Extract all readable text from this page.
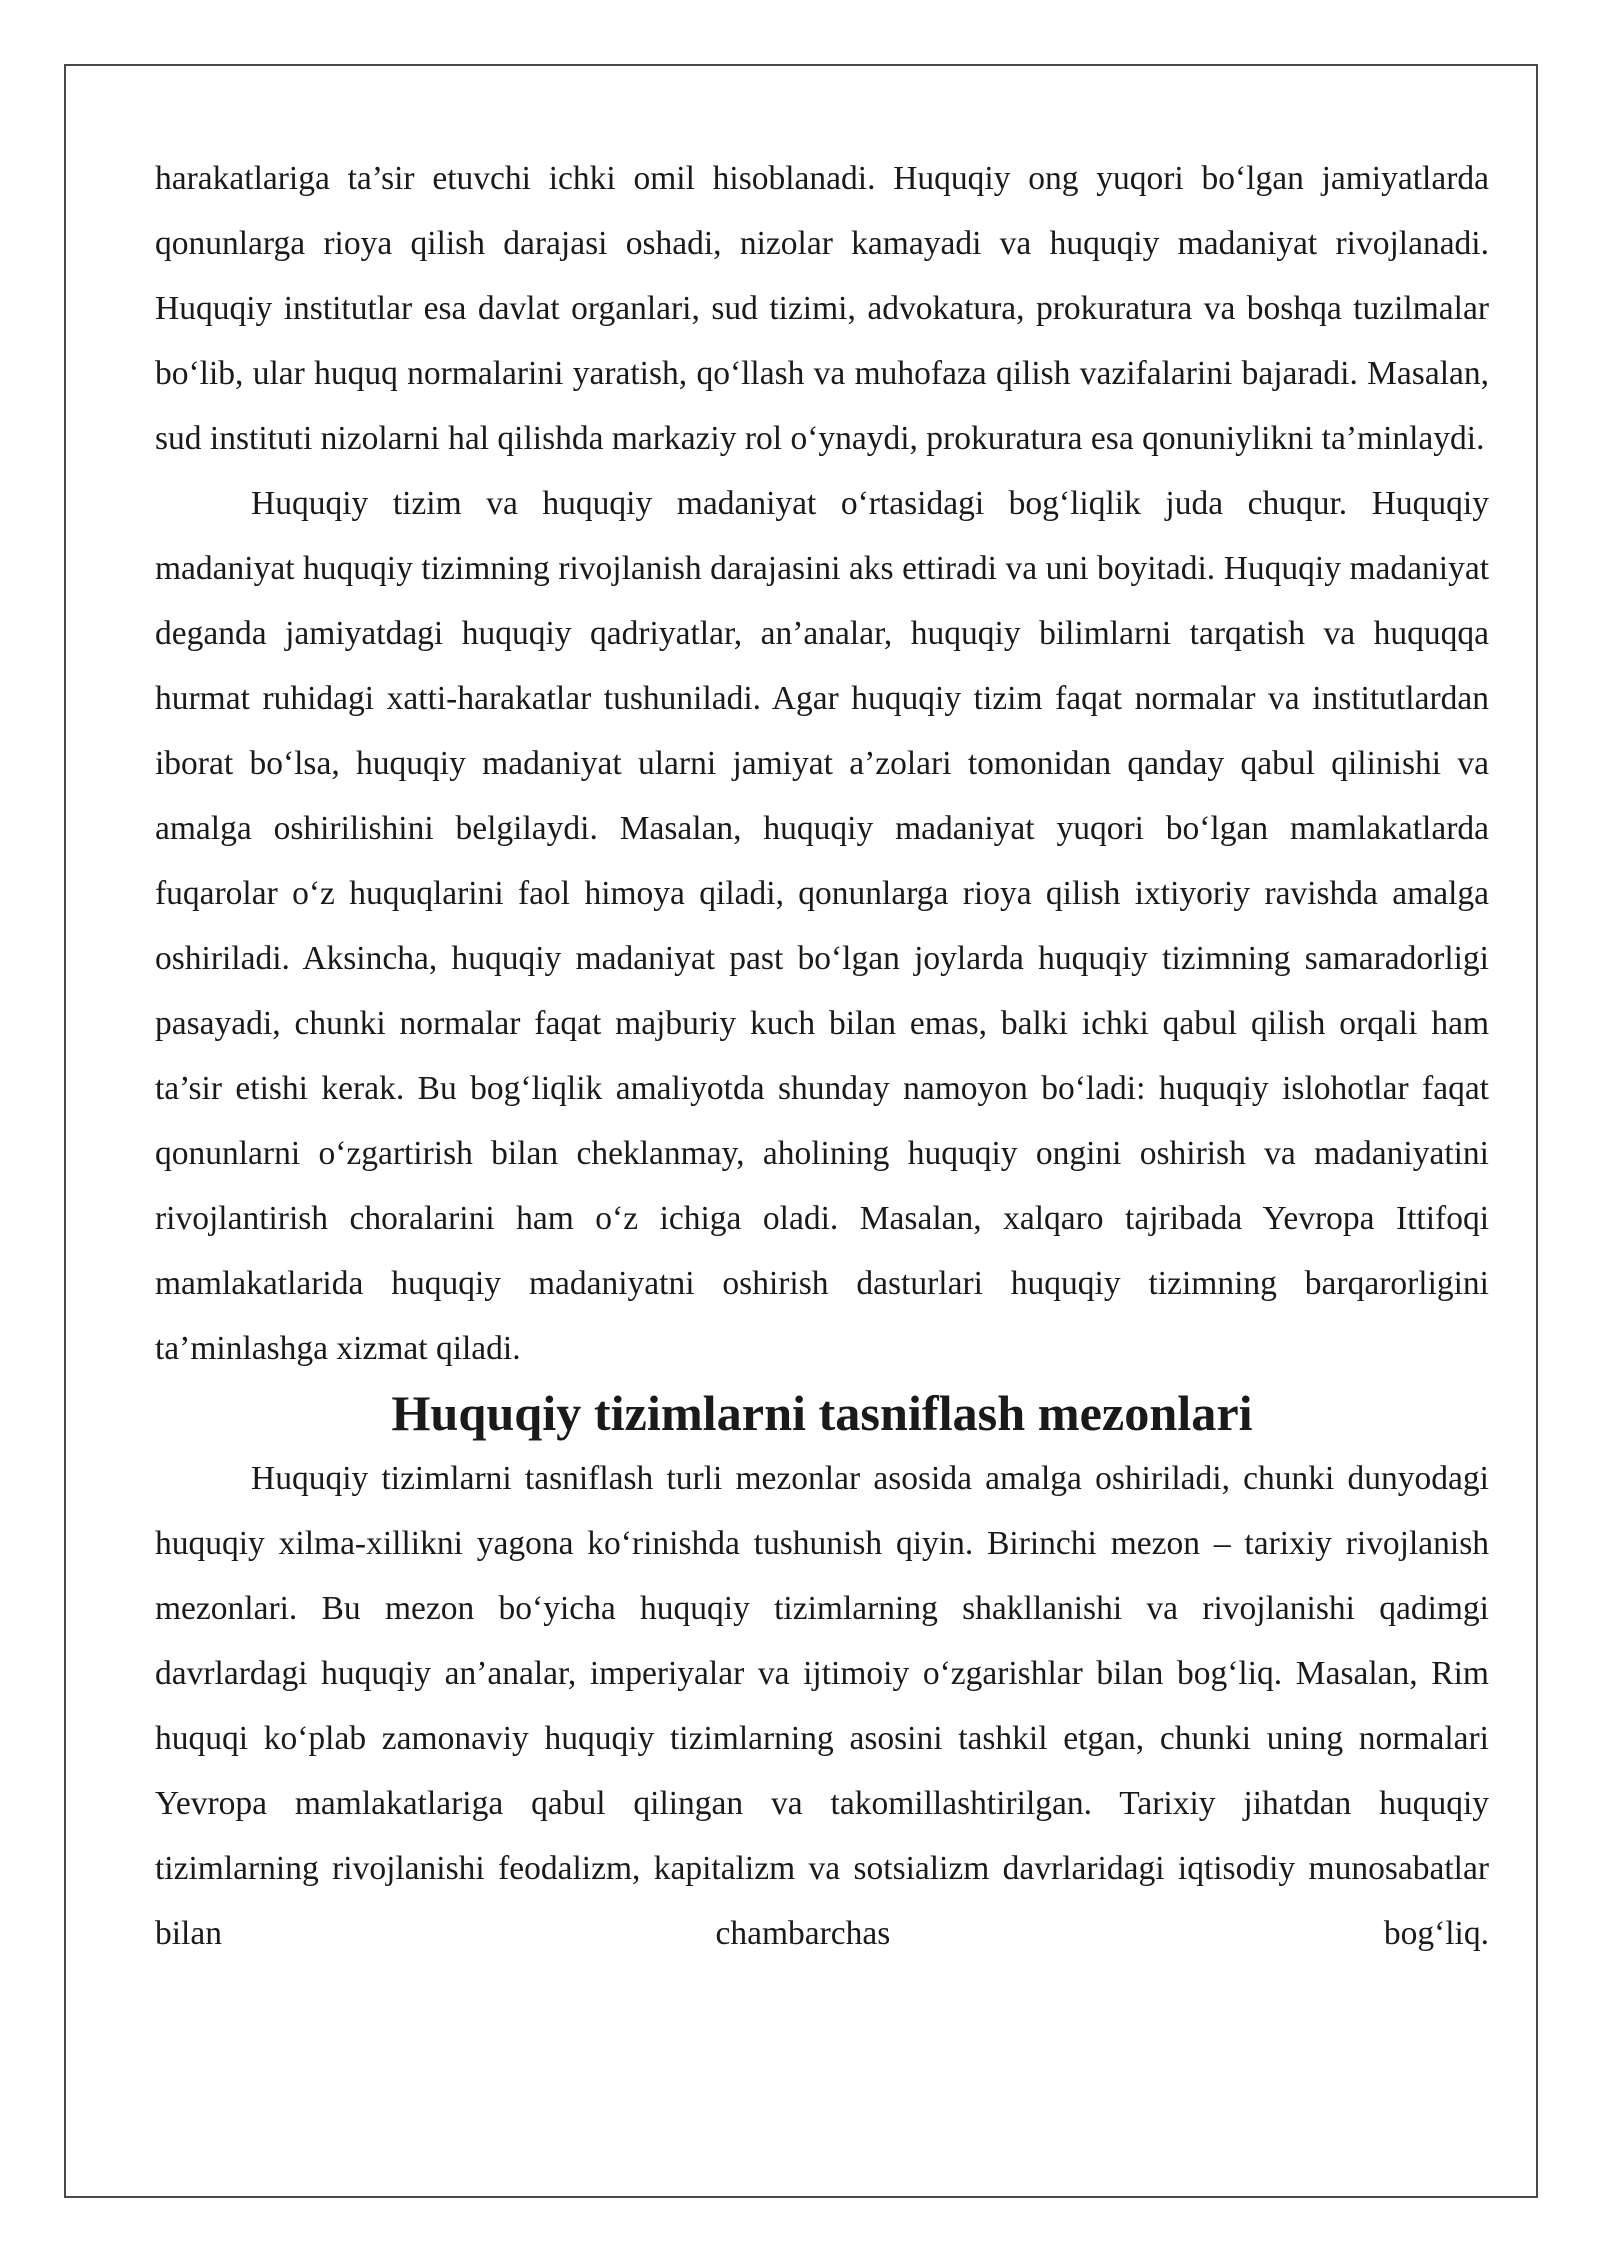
harakatlariga ta’sir etuvchi ichki omil hisoblanadi. Huquqiy ong yuqori bo‘lgan jamiyatlarda qonunlarga rioya qilish darajasi oshadi, nizolar kamayadi va huquqiy madaniyat rivojlanadi. Huquqiy institutlar esa davlat organlari, sud tizimi, advokatura, prokuratura va boshqa tuzilmalar bo‘lib, ular huquq normalarini yaratish, qo‘llash va muhofaza qilish vazifalarini bajaradi. Masalan, sud instituti nizolarni hal qilishda markaziy rol o‘ynaydi, prokuratura esa qonuniylikni ta’minlaydi.

Huquqiy tizim va huquqiy madaniyat o‘rtasidagi bog‘liqlik juda chuqur. Huquqiy madaniyat huquqiy tizimning rivojlanish darajasini aks ettiradi va uni boyitadi. Huquqiy madaniyat deganda jamiyatdagi huquqiy qadriyatlar, an’analar, huquqiy bilimlarni tarqatish va huquqqa hurmat ruhidagi xatti-harakatlar tushuniladi. Agar huquqiy tizim faqat normalar va institutlardan iborat bo‘lsa, huquqiy madaniyat ularni jamiyat a’zolari tomonidan qanday qabul qilinishi va amalga oshirilishini belgilaydi. Masalan, huquqiy madaniyat yuqori bo‘lgan mamlakatlarda fuqarolar o‘z huquqlarini faol himoya qiladi, qonunlarga rioya qilish ixtiyoriy ravishda amalga oshiriladi. Aksincha, huquqiy madaniyat past bo‘lgan joylarda huquqiy tizimning samaradorligi pasayadi, chunki normalar faqat majburiy kuch bilan emas, balki ichki qabul qilish orqali ham ta’sir etishi kerak. Bu bog‘liqlik amaliyotda shunday namoyon bo‘ladi: huquqiy islohotlar faqat qonunlarni o‘zgartirish bilan cheklanmay, aholining huquqiy ongini oshirish va madaniyatini rivojlantirish choralarini ham o‘z ichiga oladi. Masalan, xalqaro tajribada Yevropa Ittifoqi mamlakatlarida huquqiy madaniyatni oshirish dasturlari huquqiy tizimning barqarorligini ta’minlashga xizmat qiladi.

Huquqiy tizimlarni tasniflash mezonlari

Huquqiy tizimlarni tasniflash turli mezonlar asosida amalga oshiriladi, chunki dunyodagi huquqiy xilma-xillikni yagona ko‘rinishda tushunish qiyin. Birinchi mezon – tarixiy rivojlanish mezonlari. Bu mezon bo‘yicha huquqiy tizimlarning shakllanishi va rivojlanishi qadimgi davrlardagi huquqiy an’analar, imperiyalar va ijtimoiy o‘zgarishlar bilan bog‘liq. Masalan, Rim huquqi ko‘plab zamonaviy huquqiy tizimlarning asosini tashkil etgan, chunki uning normalari Yevropa mamlakatlariga qabul qilingan va takomillashtirilgan. Tarixiy jihatdan huquqiy tizimlarning rivojlanishi feodalizm, kapitalizm va sotsializm davrlaridagi iqtisodiy munosabatlar bilan chambarchas bog‘liq.
